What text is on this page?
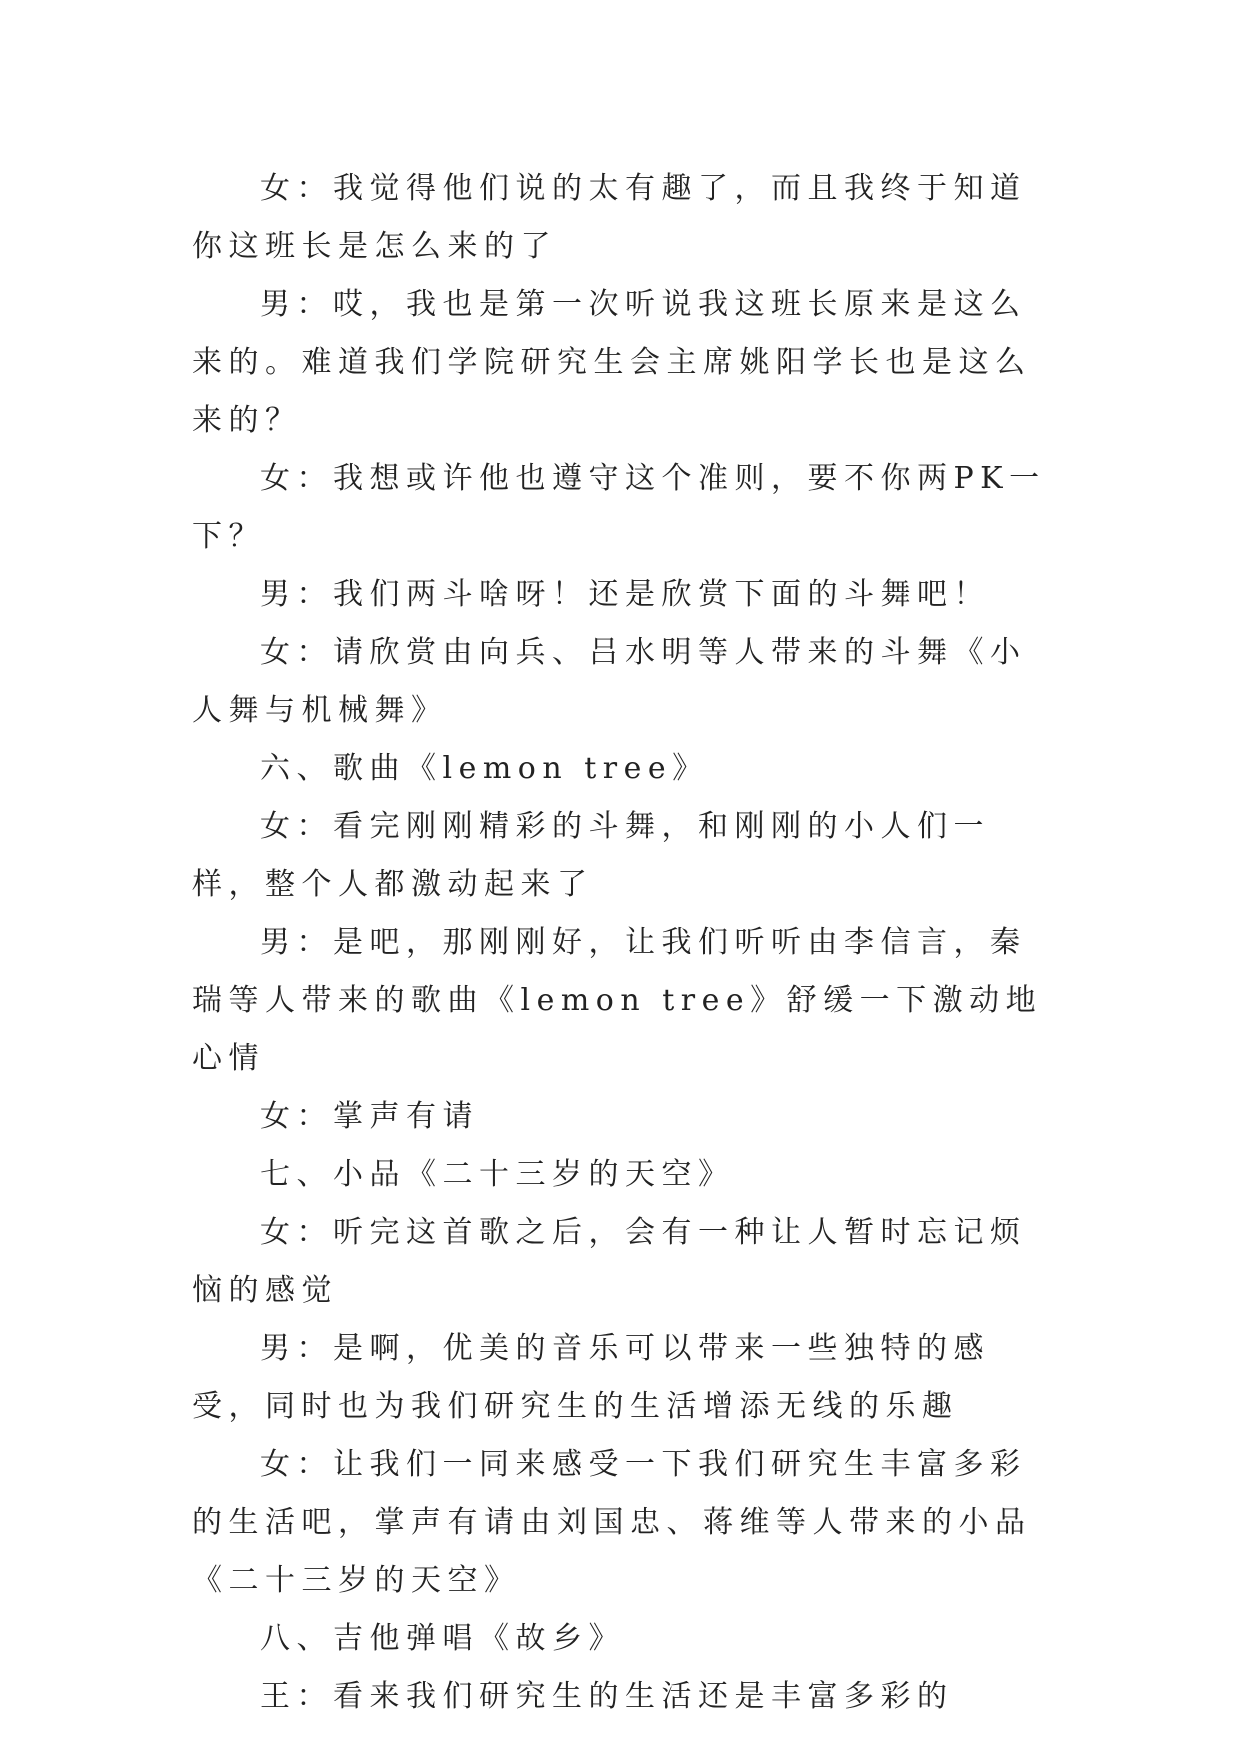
女：我觉得他们说的太有趣了，而且我终于知道你这班长是怎么来的了

男：哎，我也是第一次听说我这班长原来是这么来的。难道我们学院研究生会主席姚阳学长也是这么来的？

女：我想或许他也遵守这个准则，要不你两PK一下？

男：我们两斗啥呀！还是欣赏下面的斗舞吧！

女：请欣赏由向兵、吕水明等人带来的斗舞《小人舞与机械舞》

六、歌曲《lemon tree》

女：看完刚刚精彩的斗舞，和刚刚的小人们一样，整个人都激动起来了

男：是吧，那刚刚好，让我们听听由李信言，秦瑞等人带来的歌曲《lemon tree》舒缓一下激动地心情

女：掌声有请

七、小品《二十三岁的天空》

女：听完这首歌之后，会有一种让人暂时忘记烦恼的感觉

男：是啊，优美的音乐可以带来一些独特的感受，同时也为我们研究生的生活增添无线的乐趣

女：让我们一同来感受一下我们研究生丰富多彩的生活吧，掌声有请由刘国忠、蒋维等人带来的小品《二十三岁的天空》

八、吉他弹唱《故乡》

王：看来我们研究生的生活还是丰富多彩的
